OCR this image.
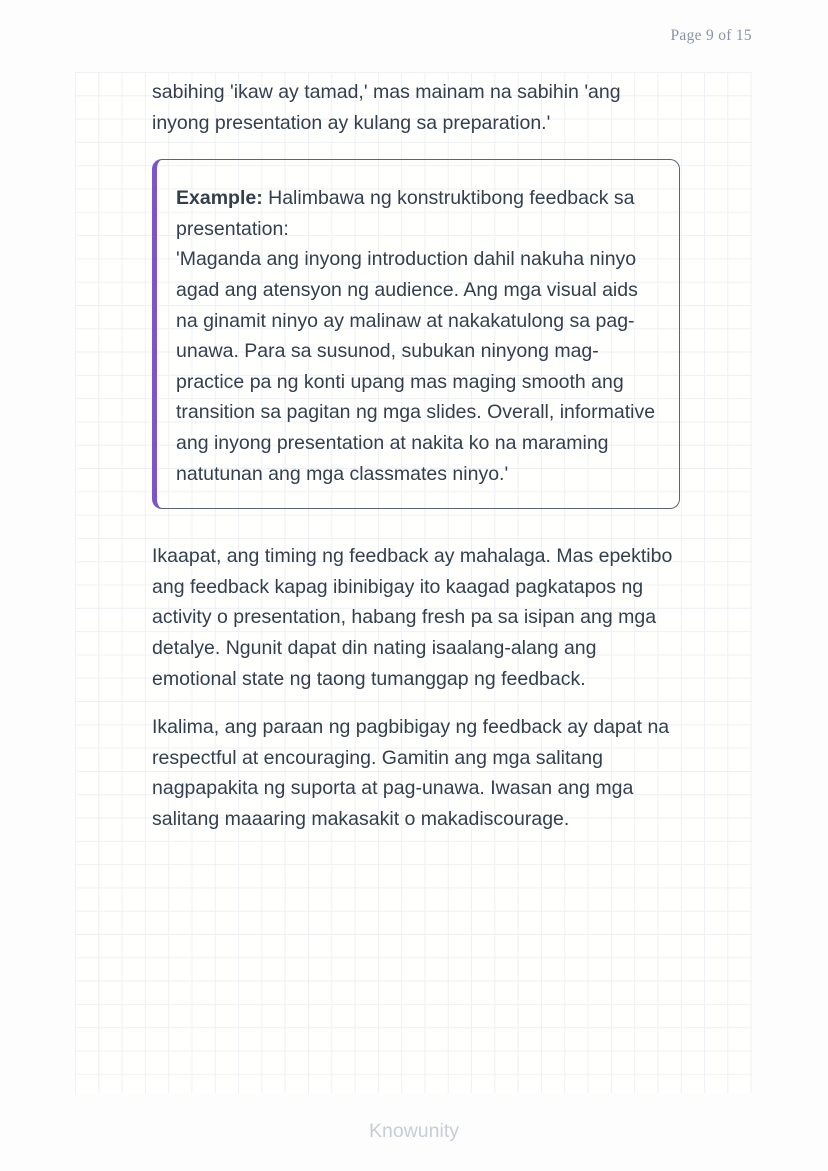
Page 9 of 15

sabihing 'ikaw ay tamad,' mas mainam na sabihin 'ang inyong presentation ay kulang sa preparation.'

Example: Halimbawa ng konstruktibong feedback sa presentation:

'Maganda ang inyong introduction dahil nakuha ninyo agad ang atensyon ng audience. Ang mga visual aids na ginamit ninyo ay malinaw at nakakatulong sa pag-unawa. Para sa susunod, subukan ninyong mag-practice pa ng konti upang mas maging smooth ang transition sa pagitan ng mga slides. Overall, informative ang inyong presentation at nakita ko na maraming natutunan ang mga classmates ninyo.'

Ikaapat, ang timing ng feedback ay mahalaga. Mas epektibo ang feedback kapag ibinibigay ito kaagad pagkatapos ng activity o presentation, habang fresh pa sa isipan ang mga detalye. Ngunit dapat din nating isaalang-alang ang emotional state ng taong tumanggap ng feedback.

Ikalima, ang paraan ng pagbibigay ng feedback ay dapat na respectful at encouraging. Gamitin ang mga salitang nagpapakita ng suporta at pag-unawa. Iwasan ang mga salitang maaaring makasakit o makadiscourage.

Knowunity
